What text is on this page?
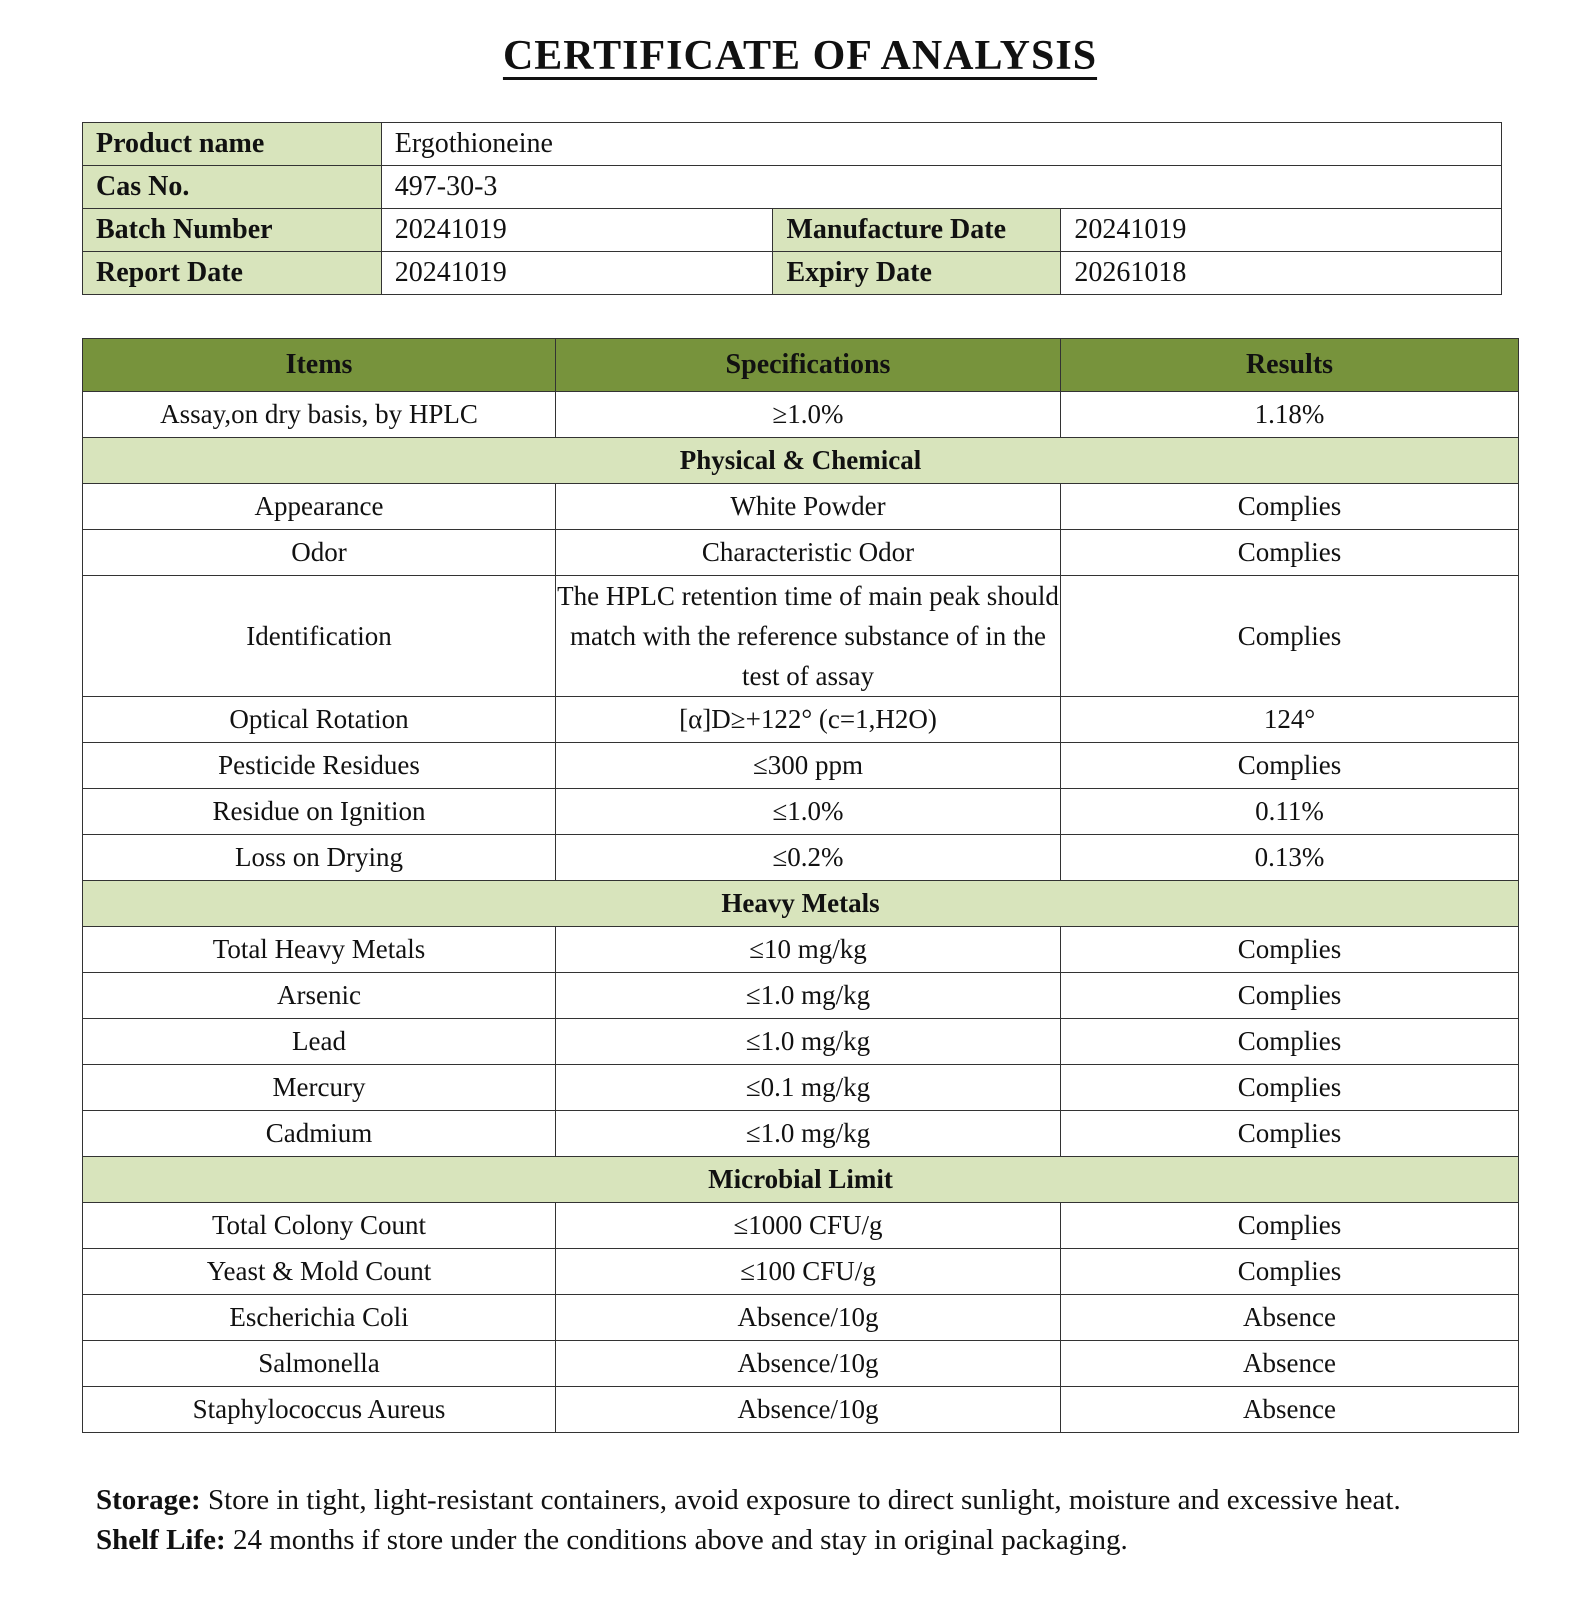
CERTIFICATE OF ANALYSIS
Product name	Ergothioneine		
Cas No.	497-30-3		
Batch Number	20241019	Manufacture Date	20241019
Report Date	20241019	Expiry Date	20261018
Items	Specifications	Results
Assay,on dry basis, by HPLC	≥1.0%	1.18%
Physical & Chemical		
Appearance	White Powder	Complies
Odor	Characteristic Odor	Complies
Identification	The HPLC retention time of main peak should match with the reference substance of in the test of assay	Complies
Optical Rotation	[α]D≥+122° (c=1,H2O)	124°
Pesticide Residues	≤300 ppm	Complies
Residue on Ignition	≤1.0%	0.11%
Loss on Drying	≤0.2%	0.13%
Heavy Metals		
Total Heavy Metals	≤10 mg/kg	Complies
Arsenic	≤1.0 mg/kg	Complies
Lead	≤1.0 mg/kg	Complies
Mercury	≤0.1 mg/kg	Complies
Cadmium	≤1.0 mg/kg	Complies
Microbial Limit		
Total Colony Count	≤1000 CFU/g	Complies
Yeast & Mold Count	≤100 CFU/g	Complies
Escherichia Coli	Absence/10g	Absence
Salmonella	Absence/10g	Absence
Staphylococcus Aureus	Absence/10g	Absence

Storage: Store in tight, light-resistant containers, avoid exposure to direct sunlight, moisture and excessive heat.

Shelf Life: 24 months if store under the conditions above and stay in original packaging.
